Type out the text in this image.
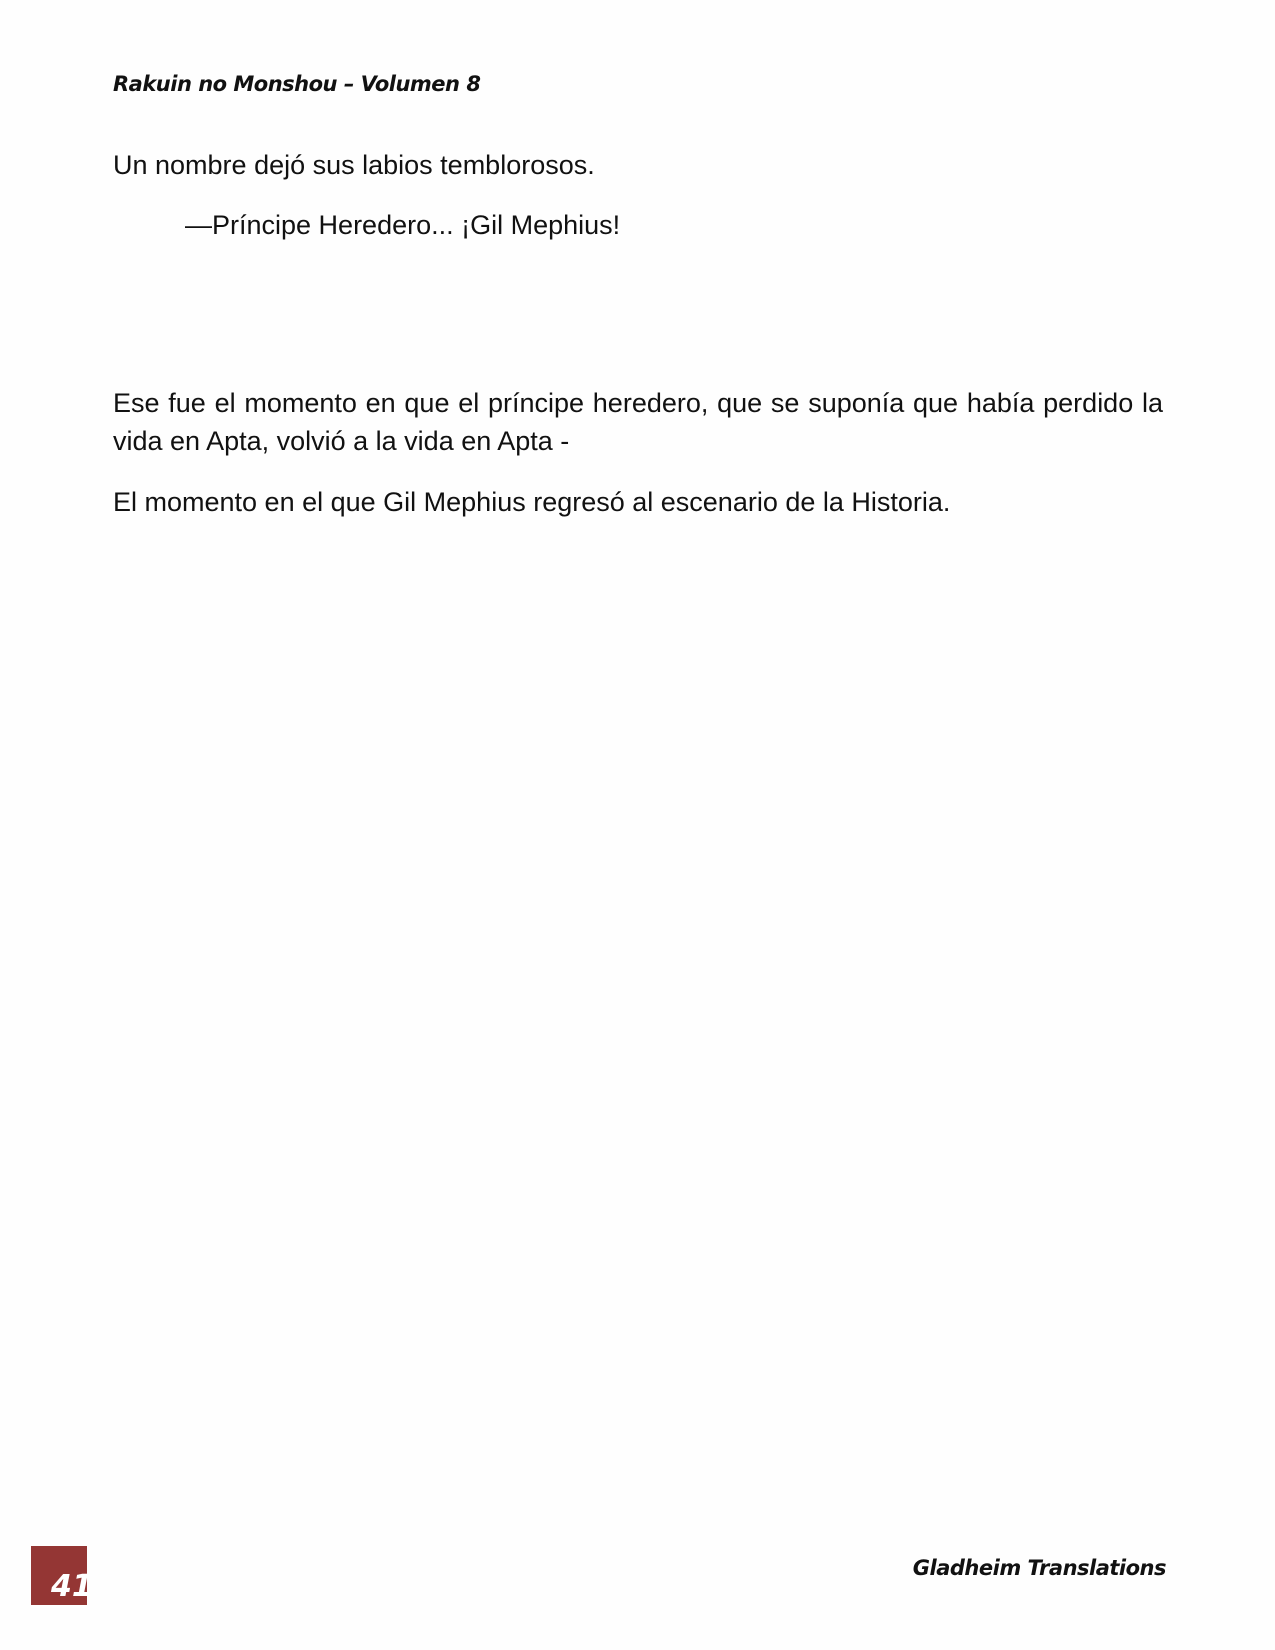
Rakuin no Monshou – Volumen 8

Un nombre dejó sus labios temblorosos.

—Príncipe Heredero... ¡Gil Mephius!

Ese fue el momento en que el príncipe heredero, que se suponía que había perdido la vida en Apta, volvió a la vida en Apta -

El momento en el que Gil Mephius regresó al escenario de la Historia.

41
Gladheim Translations
